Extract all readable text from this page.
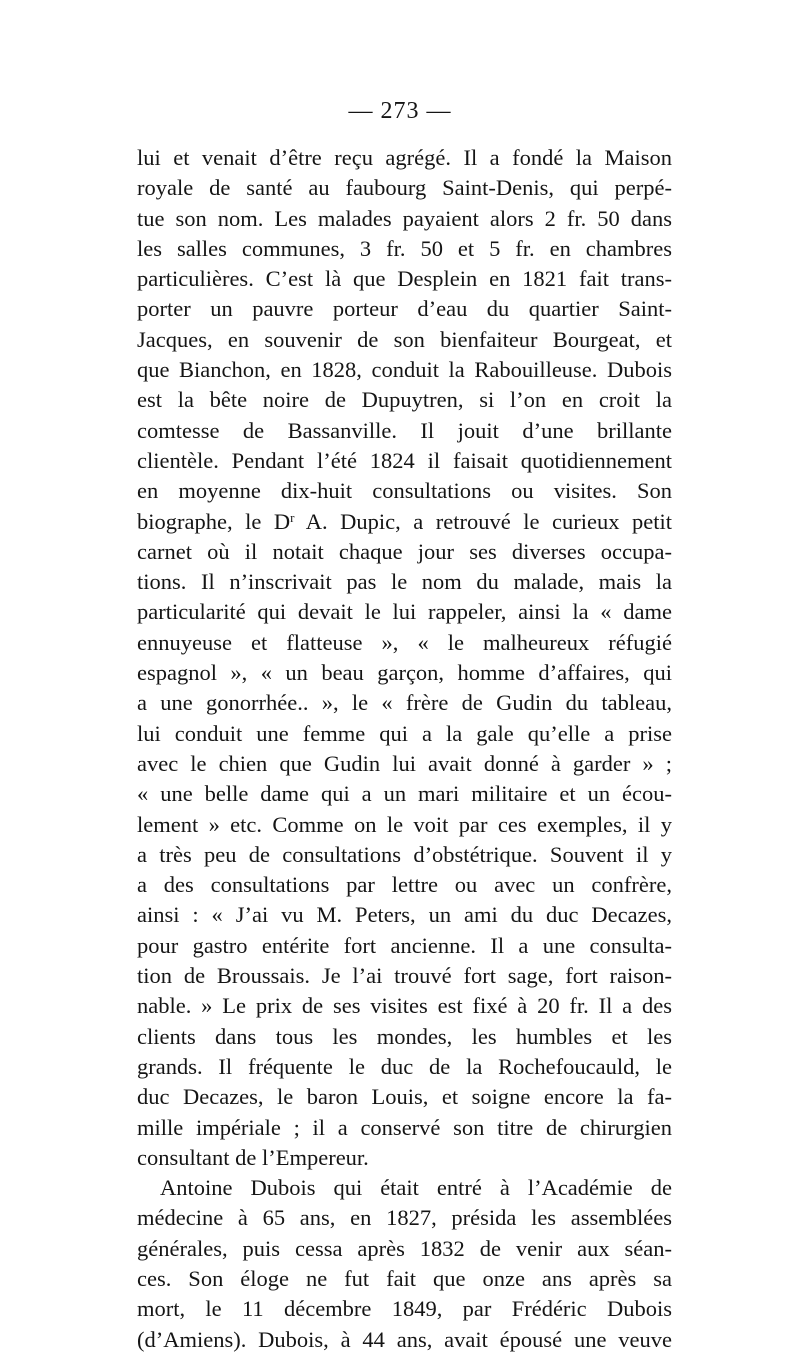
— 273 —
lui et venait d’être reçu agrégé. Il a fondé la Maison
royale de santé au faubourg Saint-Denis, qui perpé-
tue son nom. Les malades payaient alors 2 fr. 50 dans
les salles communes, 3 fr. 50 et 5 fr. en chambres
particulières. C’est là que Desplein en 1821 fait trans-
porter un pauvre porteur d’eau du quartier Saint-
Jacques, en souvenir de son bienfaiteur Bourgeat, et
que Bianchon, en 1828, conduit la Rabouilleuse. Dubois
est la bête noire de Dupuytren, si l’on en croit la
comtesse de Bassanville. Il jouit d’une brillante
clientèle. Pendant l’été 1824 il faisait quotidiennement
en moyenne dix-huit consultations ou visites. Son
biographe, le $D^r$ A. Dupic, a retrouvé le curieux petit
carnet où il notait chaque jour ses diverses occupa-
tions. Il n’inscrivait pas le nom du malade, mais la
particularité qui devait le lui rappeler, ainsi la « dame
ennuyeuse et flatteuse », « le malheureux réfugié
espagnol », « un beau garçon, homme d’affaires, qui
a une gonorrhée.. », le « frère de Gudin du tableau,
lui conduit une femme qui a la gale qu’elle a prise
avec le chien que Gudin lui avait donné à garder » ;
« une belle dame qui a un mari militaire et un écou-
lement » etc. Comme on le voit par ces exemples, il y
a très peu de consultations d’obstétrique. Souvent il y
a des consultations par lettre ou avec un confrère,
ainsi : « J’ai vu M. Peters, un ami du duc Decazes,
pour gastro entérite fort ancienne. Il a une consulta-
tion de Broussais. Je l’ai trouvé fort sage, fort raison-
nable. » Le prix de ses visites est fixé à 20 fr. Il a des
clients dans tous les mondes, les humbles et les
grands. Il fréquente le duc de la Rochefoucauld, le
duc Decazes, le baron Louis, et soigne encore la fa-
mille impériale ; il a conservé son titre de chirurgien
consultant de l’Empereur.
Antoine Dubois qui était entré à l’Académie de
médecine à 65 ans, en 1827, présida les assemblées
générales, puis cessa après 1832 de venir aux séan-
ces. Son éloge ne fut fait que onze ans après sa
mort, le 11 décembre 1849, par Frédéric Dubois
(d’Amiens). Dubois, à 44 ans, avait épousé une veuve
